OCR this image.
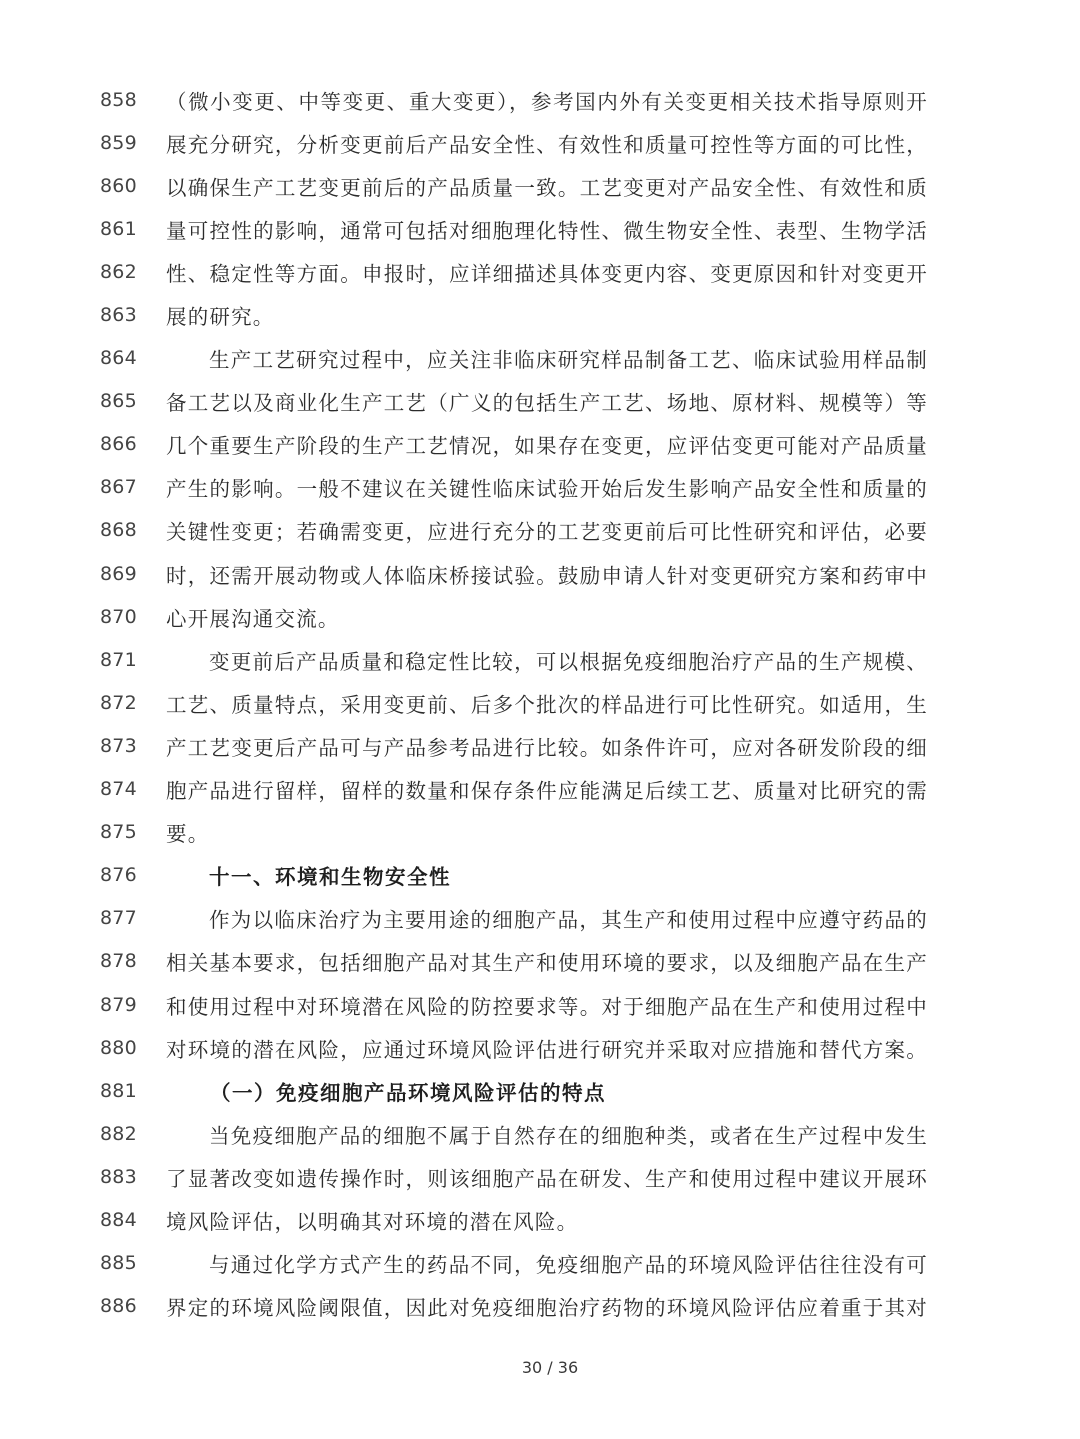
858	（微小变更、中等变更、重大变更），参考国内外有关变更相关技术指导原则开
859	展充分研究，分析变更前后产品安全性、有效性和质量可控性等方面的可比性，
860	以确保生产工艺变更前后的产品质量一致。工艺变更对产品安全性、有效性和质
861	量可控性的影响，通常可包括对细胞理化特性、微生物安全性、表型、生物学活
862	性、稳定性等方面。申报时，应详细描述具体变更内容、变更原因和针对变更开
863	展的研究。
864	生产工艺研究过程中，应关注非临床研究样品制备工艺、临床试验用样品制
865	备工艺以及商业化生产工艺（广义的包括生产工艺、场地、原材料、规模等）等
866	几个重要生产阶段的生产工艺情况，如果存在变更，应评估变更可能对产品质量
867	产生的影响。一般不建议在关键性临床试验开始后发生影响产品安全性和质量的
868	关键性变更；若确需变更，应进行充分的工艺变更前后可比性研究和评估，必要
869	时，还需开展动物或人体临床桥接试验。鼓励申请人针对变更研究方案和药审中
870	心开展沟通交流。
871	变更前后产品质量和稳定性比较，可以根据免疫细胞治疗产品的生产规模、
872	工艺、质量特点，采用变更前、后多个批次的样品进行可比性研究。如适用，生
873	产工艺变更后产品可与产品参考品进行比较。如条件许可，应对各研发阶段的细
874	胞产品进行留样，留样的数量和保存条件应能满足后续工艺、质量对比研究的需
875	要。
876	十一、环境和生物安全性
877	作为以临床治疗为主要用途的细胞产品，其生产和使用过程中应遵守药品的
878	相关基本要求，包括细胞产品对其生产和使用环境的要求，以及细胞产品在生产
879	和使用过程中对环境潜在风险的防控要求等。对于细胞产品在生产和使用过程中
880	对环境的潜在风险，应通过环境风险评估进行研究并采取对应措施和替代方案。
881	（一）免疫细胞产品环境风险评估的特点
882	当免疫细胞产品的细胞不属于自然存在的细胞种类，或者在生产过程中发生
883	了显著改变如遗传操作时，则该细胞产品在研发、生产和使用过程中建议开展环
884	境风险评估，以明确其对环境的潜在风险。
885	与通过化学方式产生的药品不同，免疫细胞产品的环境风险评估往往没有可
886	界定的环境风险阈限值，因此对免疫细胞治疗药物的环境风险评估应着重于其对
30 / 36
